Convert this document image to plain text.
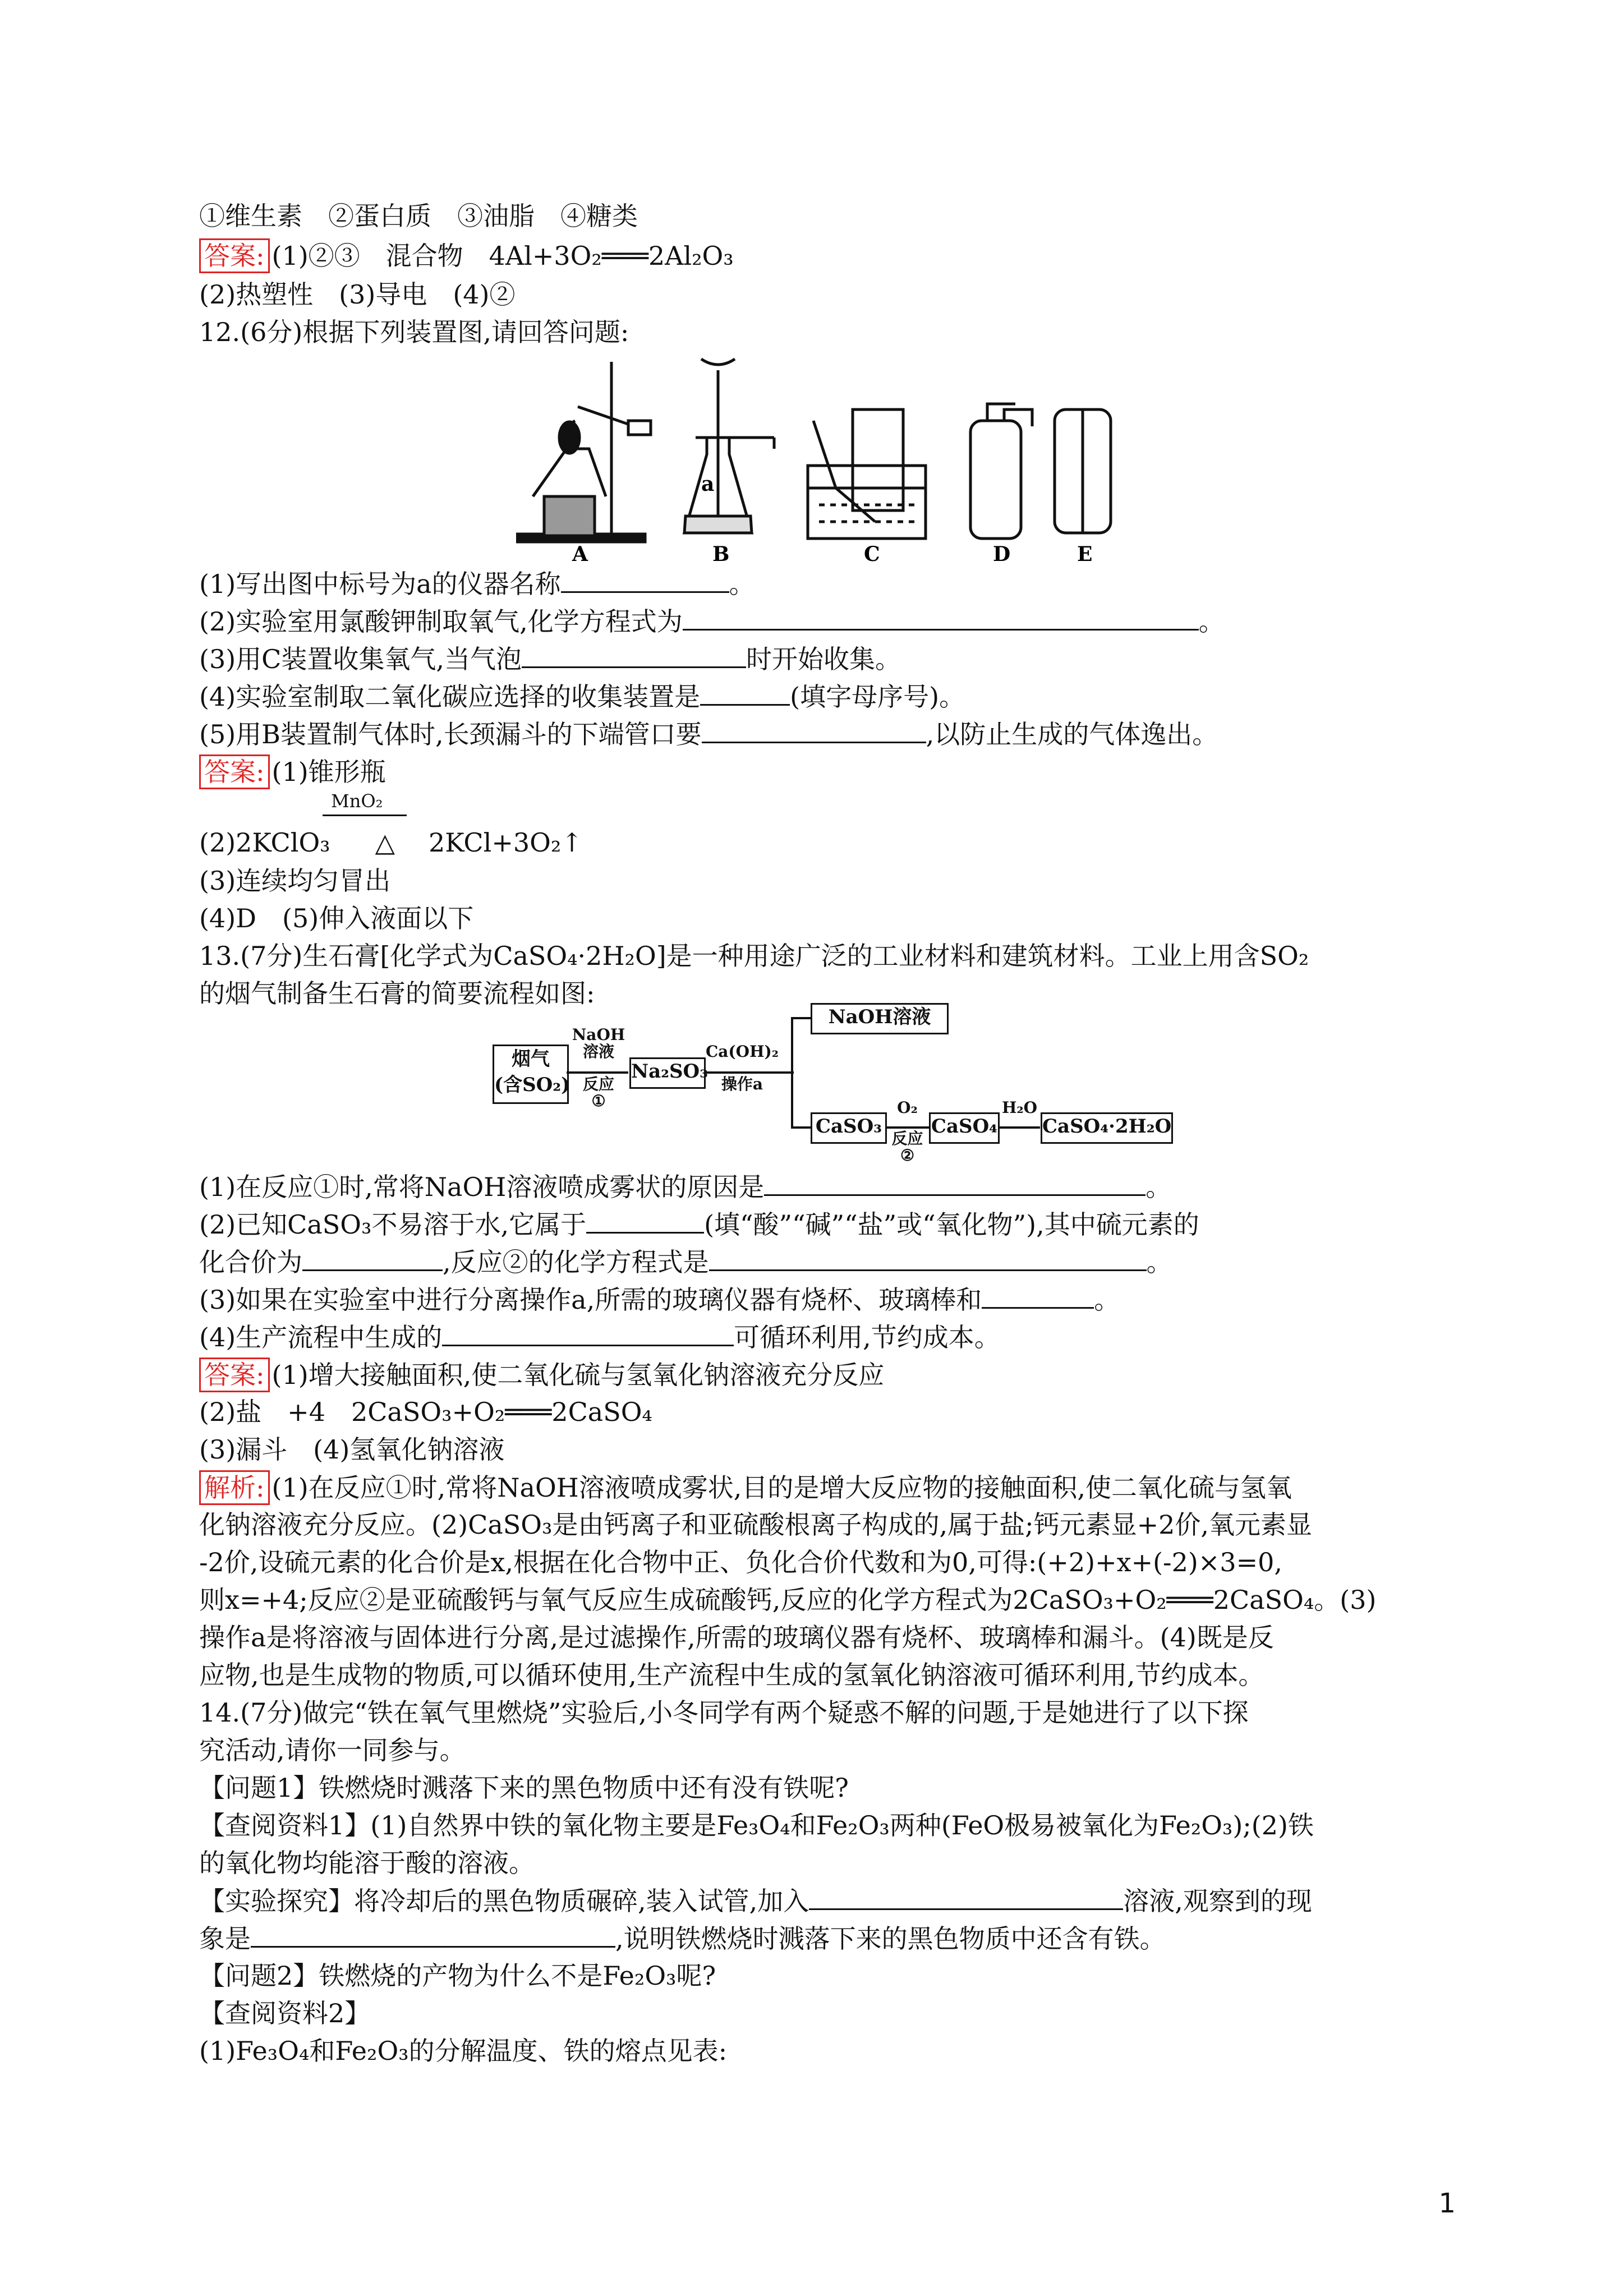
①维生素　②蛋白质　③油脂　④糖类
答案: (1)②③　混合物　4Al+3O₂═══2Al₂O₃
(2)热塑性　(3)导电　(4)②
12.(6分)根据下列装置图,请回答问题:
a
A	B	C	D	E
(1)写出图中标号为a的仪器名称	。
(2)实验室用氯酸钾制取氧气,化学方程式为	。
(3)用C装置收集氧气,当气泡	时开始收集。
(4)实验室制取二氧化碳应选择的收集装置是	(填字母序号)。
(5)用B装置制气体时,长颈漏斗的下端管口要	,以防止生成的气体逸出。
答案: (1)锥形瓶
MnO₂
(2)2KClO₃ △ 2KCl+3O₂↑
(3)连续均匀冒出
(4)D　(5)伸入液面以下
13.(7分)生石膏[化学式为CaSO₄·2H₂O]是一种用途广泛的工业材料和建筑材料。工业上用含SO₂
的烟气制备生石膏的简要流程如图:
烟气
(含SO₂)
NaOH
溶液
反应
①
Na₂SO₃
Ca(OH)₂
操作a
NaOH溶液
CaSO₃
O₂
反应
②
CaSO₄
H₂O
CaSO₄·2H₂O
(1)在反应①时,常将NaOH溶液喷成雾状的原因是	。
(2)已知CaSO₃不易溶于水,它属于	(填“酸”“碱”“盐”或“氧化物”),其中硫元素的
化合价为	,反应②的化学方程式是	。
(3)如果在实验室中进行分离操作a,所需的玻璃仪器有烧杯、玻璃棒和	。
(4)生产流程中生成的	可循环利用,节约成本。
答案: (1)增大接触面积,使二氧化硫与氢氧化钠溶液充分反应
(2)盐　+4　2CaSO₃+O₂═══2CaSO₄
(3)漏斗　(4)氢氧化钠溶液
解析: (1)在反应①时,常将NaOH溶液喷成雾状,目的是增大反应物的接触面积,使二氧化硫与氢氧
化钠溶液充分反应。(2)CaSO₃是由钙离子和亚硫酸根离子构成的,属于盐;钙元素显+2价,氧元素显
-2价,设硫元素的化合价是x,根据在化合物中正、负化合价代数和为0,可得:(+2)+x+(-2)×3=0,
则x=+4;反应②是亚硫酸钙与氧气反应生成硫酸钙,反应的化学方程式为2CaSO₃+O₂═══2CaSO₄。(3)
操作a是将溶液与固体进行分离,是过滤操作,所需的玻璃仪器有烧杯、玻璃棒和漏斗。(4)既是反
应物,也是生成物的物质,可以循环使用,生产流程中生成的氢氧化钠溶液可循环利用,节约成本。
14.(7分)做完“铁在氧气里燃烧”实验后,小冬同学有两个疑惑不解的问题,于是她进行了以下探
究活动,请你一同参与。
【问题1】铁燃烧时溅落下来的黑色物质中还有没有铁呢?
【查阅资料1】(1)自然界中铁的氧化物主要是Fe₃O₄和Fe₂O₃两种(FeO极易被氧化为Fe₂O₃);(2)铁
的氧化物均能溶于酸的溶液。
【实验探究】将冷却后的黑色物质碾碎,装入试管,加入	溶液,观察到的现
象是	,说明铁燃烧时溅落下来的黑色物质中还含有铁。
【问题2】铁燃烧的产物为什么不是Fe₂O₃呢?
【查阅资料2】
(1)Fe₃O₄和Fe₂O₃的分解温度、铁的熔点见表:
1
